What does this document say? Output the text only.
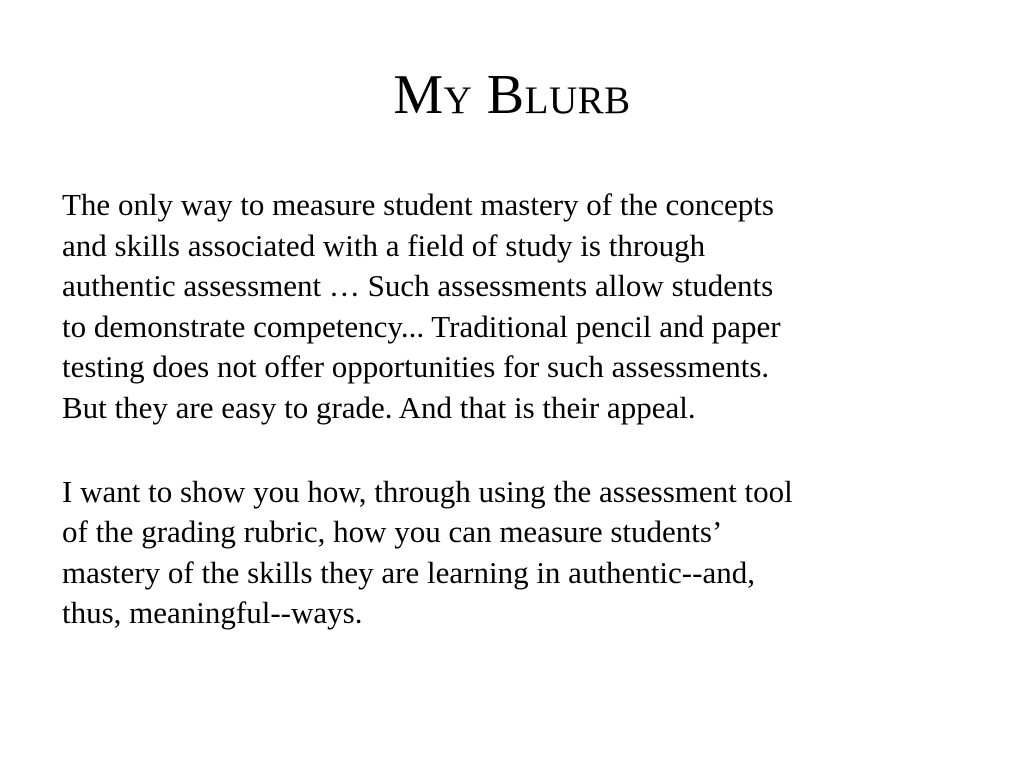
My Blurb

The only way to measure student mastery of the concepts
and skills associated with a field of study is through
authentic assessment … Such assessments allow students
to demonstrate competency... Traditional pencil and paper
testing does not offer opportunities for such assessments.
But they are easy to grade. And that is their appeal.

I want to show you how, through using the assessment tool
of the grading rubric, how you can measure students’
mastery of the skills they are learning in authentic--and,
thus, meaningful--ways.
